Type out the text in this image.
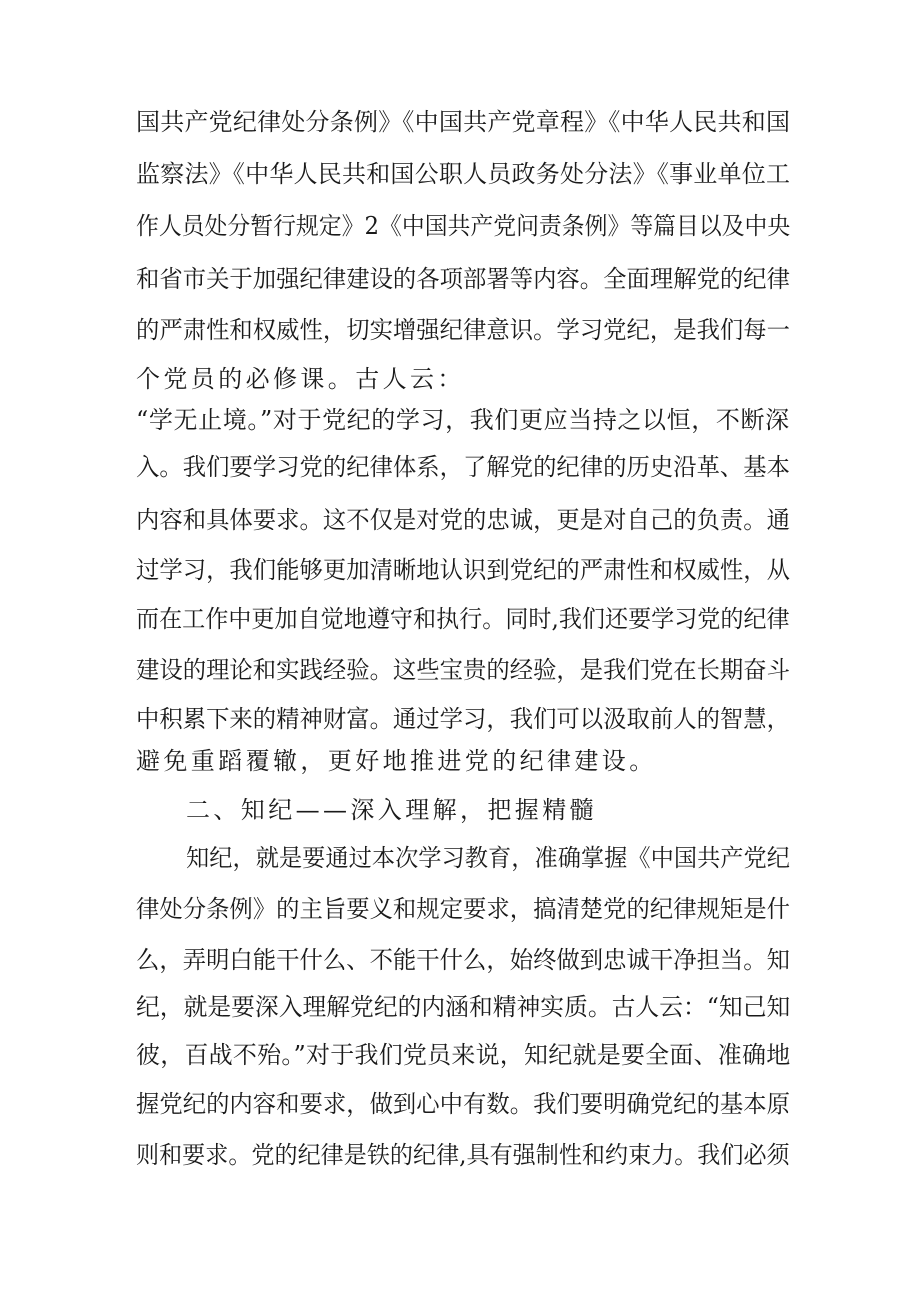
国共产党纪律处分条例》《中国共产党章程》《中华人民共和国
监察法》《中华人民共和国公职人员政务处分法》《事业单位工
作人员处分暂行规定》2《中国共产党问责条例》等篇目以及中央
和省市关于加强纪律建设的各项部署等内容。全面理解党的纪律
的严肃性和权威性，切实增强纪律意识。学习党纪，是我们每一
个党员的必修课。古人云：
“学无止境。”对于党纪的学习，我们更应当持之以恒，不断深
入。我们要学习党的纪律体系，了解党的纪律的历史沿革、基本
内容和具体要求。这不仅是对党的忠诚，更是对自己的负责。通
过学习，我们能够更加清晰地认识到党纪的严肃性和权威性，从
而在工作中更加自觉地遵守和执行。同时,我们还要学习党的纪律
建设的理论和实践经验。这些宝贵的经验，是我们党在长期奋斗
中积累下来的精神财富。通过学习，我们可以汲取前人的智慧，
避免重蹈覆辙，更好地推进党的纪律建设。
二、知纪——深入理解，把握精髓
知纪，就是要通过本次学习教育，准确掌握《中国共产党纪
律处分条例》的主旨要义和规定要求，搞清楚党的纪律规矩是什
么，弄明白能干什么、不能干什么，始终做到忠诚干净担当。知
纪，就是要深入理解党纪的内涵和精神实质。古人云：“知己知
彼，百战不殆。”对于我们党员来说，知纪就是要全面、准确地
握党纪的内容和要求，做到心中有数。我们要明确党纪的基本原
则和要求。党的纪律是铁的纪律,具有强制性和约束力。我们必须
